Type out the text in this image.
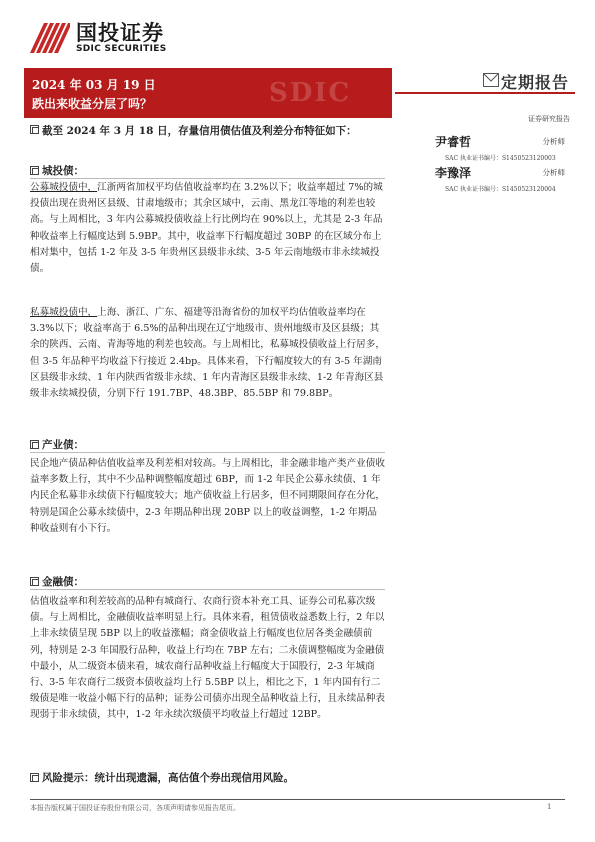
国投证券
SDIC SECURITIES
SDIC
2024 年 03 月 19 日
跌出来收益分层了吗？
定期报告
证券研究报告
尹睿哲	分析师
SAC 执业证书编号：S1450523120003
李豫泽	分析师
SAC 执业证书编号：S1450523120004
截至 2024 年 3 月 18 日，存量信用债估值及利差分布特征如下：
城投债：
公募城投债中，江浙两省加权平均估值收益率均在 3.2%以下；收益率超过 7%的城投债出现在贵州区县级、甘肃地级市；其余区域中，云南、黑龙江等地的利差也较高。与上周相比，3 年内公募城投债收益上行比例均在 90%以上，尤其是 2-3 年品种收益率上行幅度达到 5.9BP。其中，收益率下行幅度超过 30BP 的在区域分布上相对集中，包括 1-2 年及 3-5 年贵州区县级非永续、3-5 年云南地级市非永续城投债。
私募城投债中，上海、浙江、广东、福建等沿海省份的加权平均估值收益率均在 3.3%以下；收益率高于 6.5%的品种出现在辽宁地级市、贵州地级市及区县级；其余的陕西、云南、青海等地的利差也较高。与上周相比，私募城投债收益上行居多，但 3-5 年品种平均收益下行接近 2.4bp。具体来看，下行幅度较大的有 3-5 年湖南区县级非永续、1 年内陕西省级非永续、1 年内青海区县级非永续、1-2 年青海区县级非永续城投债，分别下行 191.7BP、48.3BP、85.5BP 和 79.8BP。
产业债：
民企地产债品种估值收益率及利差相对较高。与上周相比，非金融非地产类产业债收益率多数上行，其中不少品种调整幅度超过 6BP，而 1-2 年民企公募永续债、1 年内民企私募非永续债下行幅度较大；地产债收益上行居多，但不同期限间存在分化，特别是国企公募永续债中，2-3 年期品种出现 20BP 以上的收益调整，1-2 年期品种收益则有小下行。
金融债：
估值收益率和利差较高的品种有城商行、农商行资本补充工具、证券公司私募次级债。与上周相比，金融债收益率明显上行。具体来看，租赁债收益悉数上行，2 年以上非永续债呈现 5BP 以上的收益涨幅；商金债收益上行幅度也位居各类金融债前列，特别是 2-3 年国股行品种，收益上行均在 7BP 左右；二永债调整幅度为金融债中最小，从二级资本债来看，城农商行品种收益上行幅度大于国股行，2-3 年城商行、3-5 年农商行二级资本债收益均上行 5.5BP 以上，相比之下，1 年内国有行二级债是唯一收益小幅下行的品种；证券公司债亦出现全品种收益上行，且永续品种表现弱于非永续债，其中，1-2 年永续次级债平均收益上行超过 12BP。
风险提示：统计出现遗漏，高估值个券出现信用风险。
本报告版权属于国投证券股份有限公司，各项声明请参见报告尾页。	1
